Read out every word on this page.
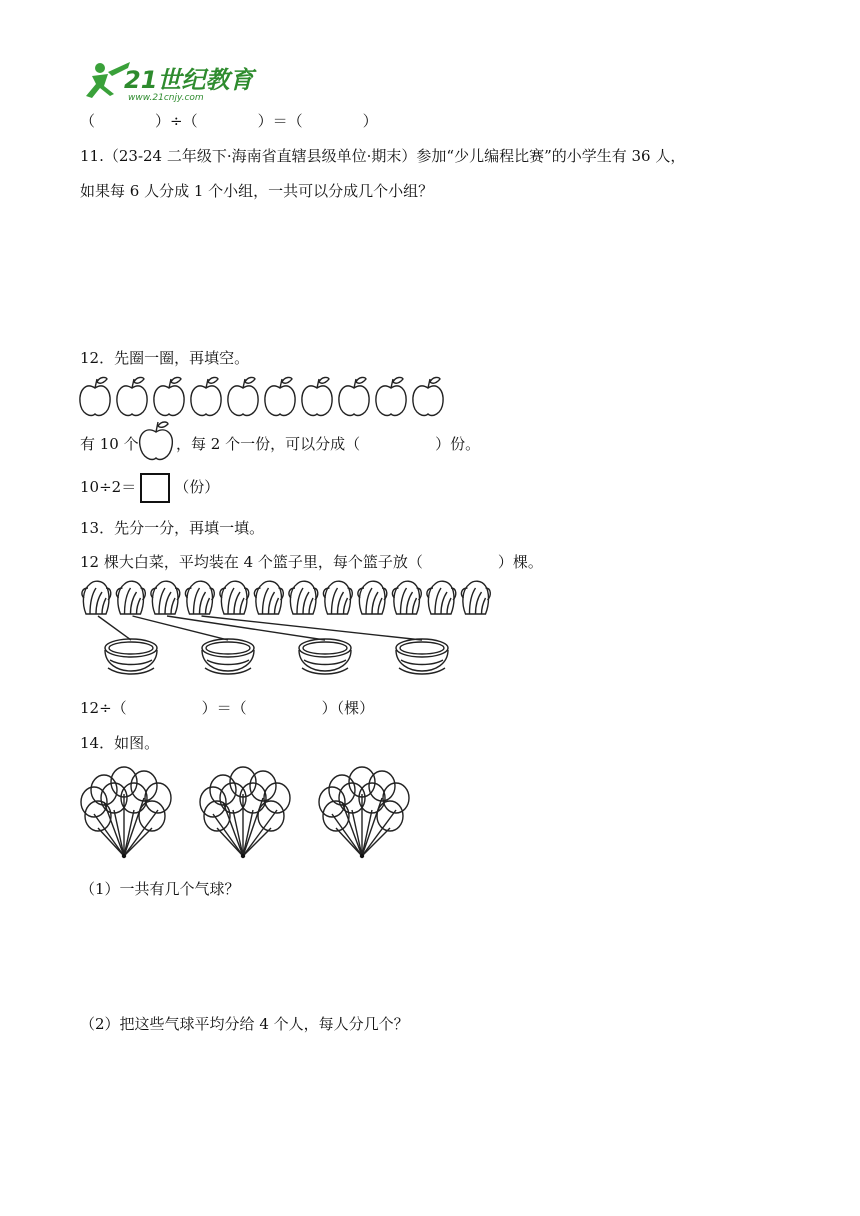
21世纪教育
www.21cnjy.com
（　　　　）÷（　　　　）＝（　　　　）
11.（23-24 二年级下·海南省直辖县级单位·期末）参加“少儿编程比赛”的小学生有 36 人，
如果每 6 人分成 1 个小组，一共可以分成几个小组？
12．先圈一圈，再填空。
有 10 个 ，每 2 个一份，可以分成（　　　　　）份。
10÷2＝	（份）
13．先分一分，再填一填。
12 棵大白菜，平均装在 4 个篮子里，每个篮子放（　　　　　）棵。
12÷（　　　　　）＝（　　　　　）（棵）
14．如图。
（1）一共有几个气球？
（2）把这些气球平均分给 4 个人，每人分几个？
